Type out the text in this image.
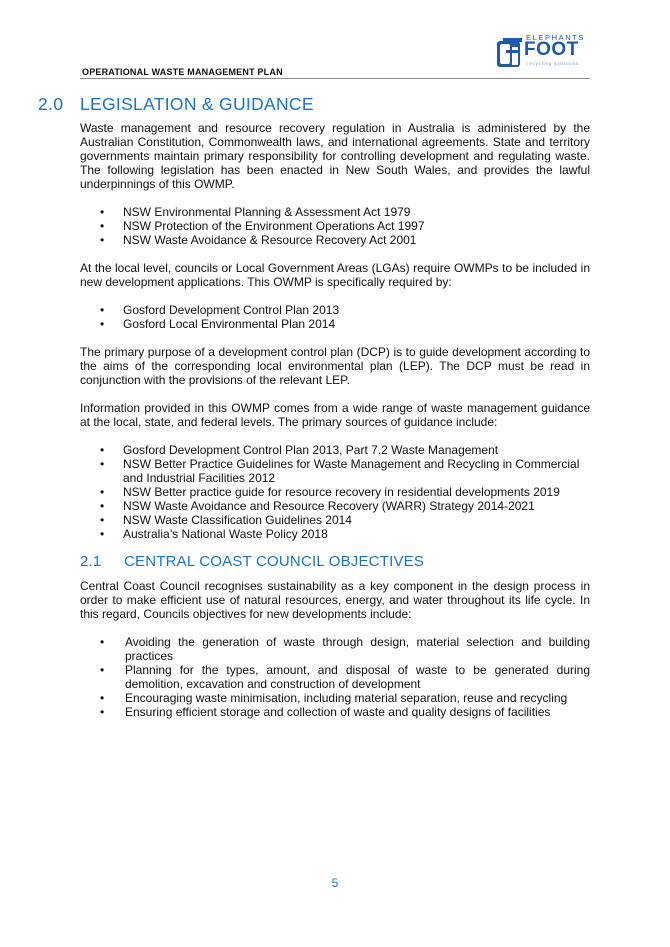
OPERATIONAL WASTE MANAGEMENT PLAN
ELEPHANTS
FOOT
recycling solutions
2.0 LEGISLATION & GUIDANCE

Waste management and resource recovery regulation in Australia is administered by the Australian Constitution, Commonwealth laws, and international agreements. State and territory governments maintain primary responsibility for controlling development and regulating waste. The following legislation has been enacted in New South Wales, and provides the lawful underpinnings of this OWMP.

• NSW Environmental Planning & Assessment Act 1979
• NSW Protection of the Environment Operations Act 1997
• NSW Waste Avoidance & Resource Recovery Act 2001

At the local level, councils or Local Government Areas (LGAs) require OWMPs to be included in new development applications. This OWMP is specifically required by:

• Gosford Development Control Plan 2013
• Gosford Local Environmental Plan 2014

The primary purpose of a development control plan (DCP) is to guide development according to the aims of the corresponding local environmental plan (LEP). The DCP must be read in conjunction with the provisions of the relevant LEP.

Information provided in this OWMP comes from a wide range of waste management guidance at the local, state, and federal levels. The primary sources of guidance include:

• Gosford Development Control Plan 2013, Part 7.2 Waste Management
• NSW Better Practice Guidelines for Waste Management and Recycling in Commercial and Industrial Facilities 2012
• NSW Better practice guide for resource recovery in residential developments 2019
• NSW Waste Avoidance and Resource Recovery (WARR) Strategy 2014-2021
• NSW Waste Classification Guidelines 2014
• Australia’s National Waste Policy 2018
2.1 CENTRAL COAST COUNCIL OBJECTIVES

Central Coast Council recognises sustainability as a key component in the design process in order to make efficient use of natural resources, energy, and water throughout its life cycle. In this regard, Councils objectives for new developments include:

• Avoiding the generation of waste through design, material selection and building practices
• Planning for the types, amount, and disposal of waste to be generated during demolition, excavation and construction of development
• Encouraging waste minimisation, including material separation, reuse and recycling
• Ensuring efficient storage and collection of waste and quality designs of facilities
5
